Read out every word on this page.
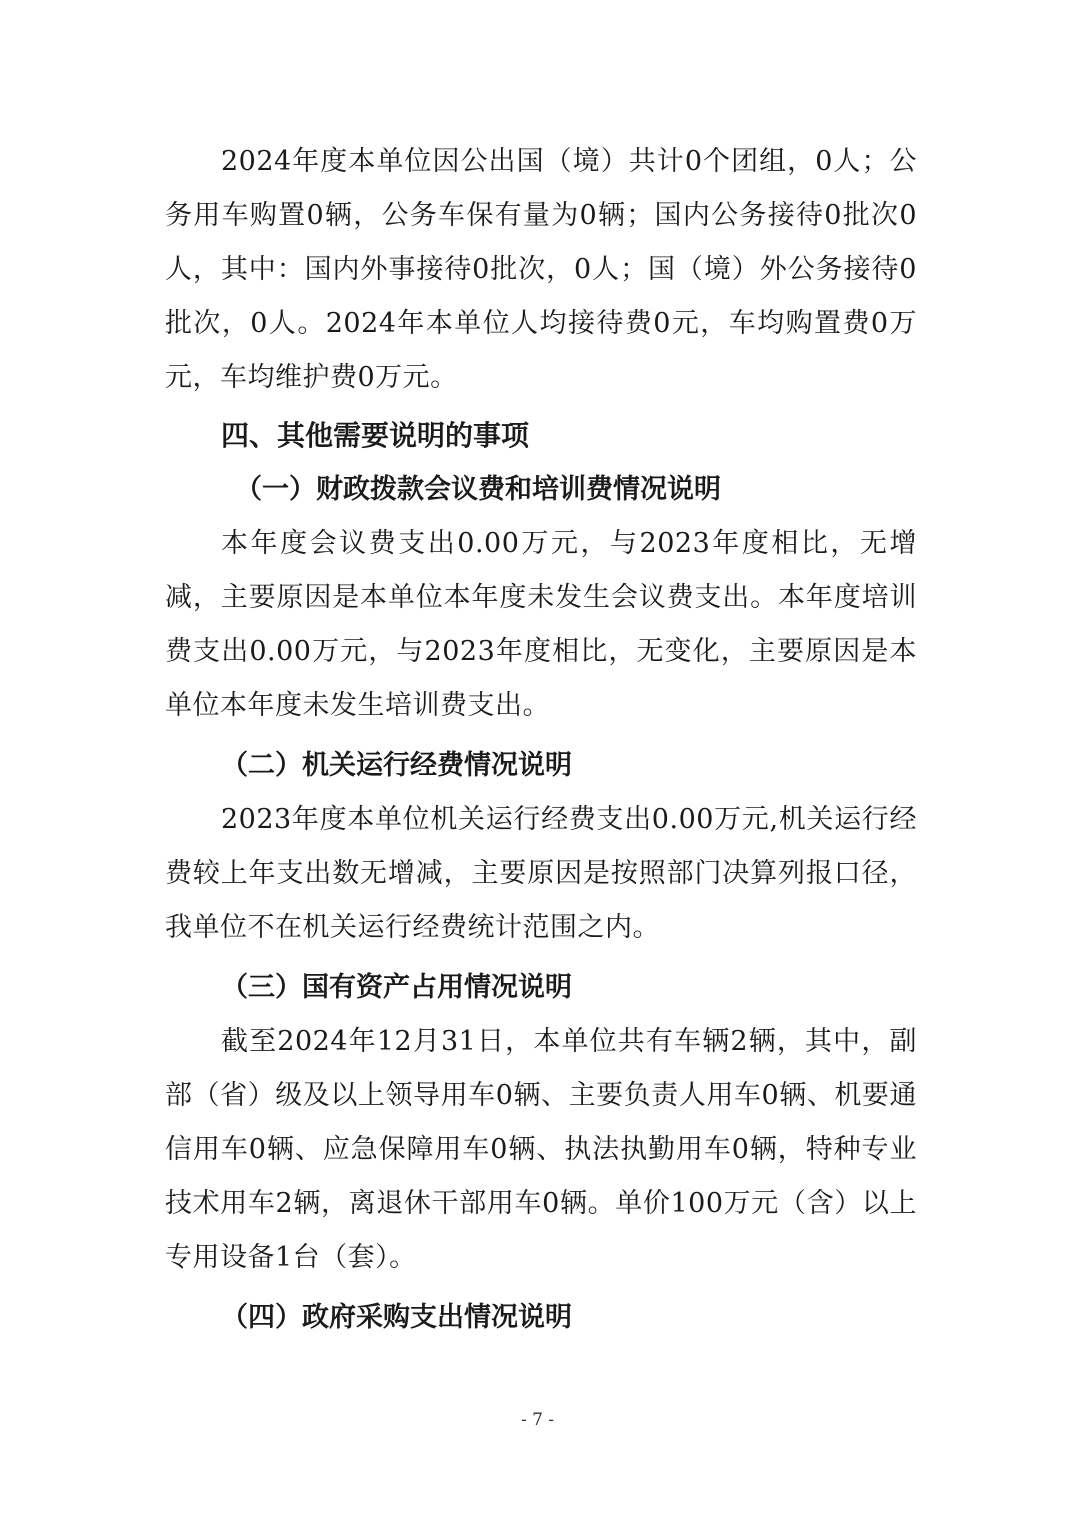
2024年度本单位因公出国（境）共计0个团组，0人；公务用车购置0辆，公务车保有量为0辆；国内公务接待0批次0人，其中：国内外事接待0批次，0人；国（境）外公务接待0批次，0人。2024年本单位人均接待费0元，车均购置费0万元，车均维护费0万元。

四、其他需要说明的事项
（一）财政拨款会议费和培训费情况说明

本年度会议费支出0.00万元，与2023年度相比，无增减，主要原因是本单位本年度未发生会议费支出。本年度培训费支出0.00万元，与2023年度相比，无变化，主要原因是本单位本年度未发生培训费支出。

（二）机关运行经费情况说明

2023年度本单位机关运行经费支出0.00万元,机关运行经费较上年支出数无增减，主要原因是按照部门决算列报口径，我单位不在机关运行经费统计范围之内。

（三）国有资产占用情况说明

截至2024年12月31日，本单位共有车辆2辆，其中，副部（省）级及以上领导用车0辆、主要负责人用车0辆、机要通信用车0辆、应急保障用车0辆、执法执勤用车0辆，特种专业技术用车2辆，离退休干部用车0辆。单价100万元（含）以上专用设备1台（套）。

（四）政府采购支出情况说明
- 7 -
